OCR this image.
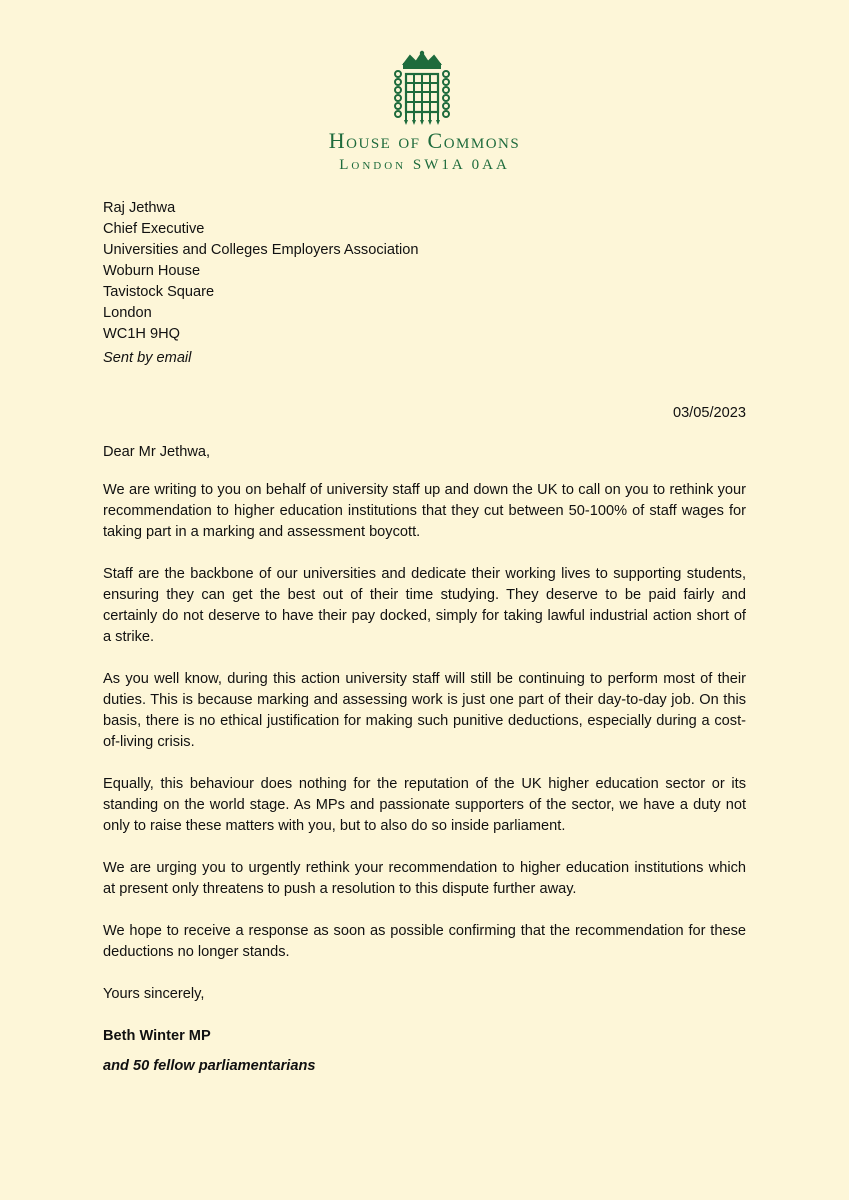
House of Commons
London SW1A 0AA
Raj Jethwa
Chief Executive
Universities and Colleges Employers Association
Woburn House
Tavistock Square
London
WC1H 9HQ
Sent by email
03/05/2023

Dear Mr Jethwa,

We are writing to you on behalf of university staff up and down the UK to call on you to rethink your recommendation to higher education institutions that they cut between 50-100% of staff wages for taking part in a marking and assessment boycott.

Staff are the backbone of our universities and dedicate their working lives to supporting students, ensuring they can get the best out of their time studying. They deserve to be paid fairly and certainly do not deserve to have their pay docked, simply for taking lawful industrial action short of a strike.

As you well know, during this action university staff will still be continuing to perform most of their duties. This is because marking and assessing work is just one part of their day-to-day job. On this basis, there is no ethical justification for making such punitive deductions, especially during a cost-of-living crisis.

Equally, this behaviour does nothing for the reputation of the UK higher education sector or its standing on the world stage. As MPs and passionate supporters of the sector, we have a duty not only to raise these matters with you, but to also do so inside parliament.

We are urging you to urgently rethink your recommendation to higher education institutions which at present only threatens to push a resolution to this dispute further away.

We hope to receive a response as soon as possible confirming that the recommendation for these deductions no longer stands.

Yours sincerely,

Beth Winter MP

and 50 fellow parliamentarians
